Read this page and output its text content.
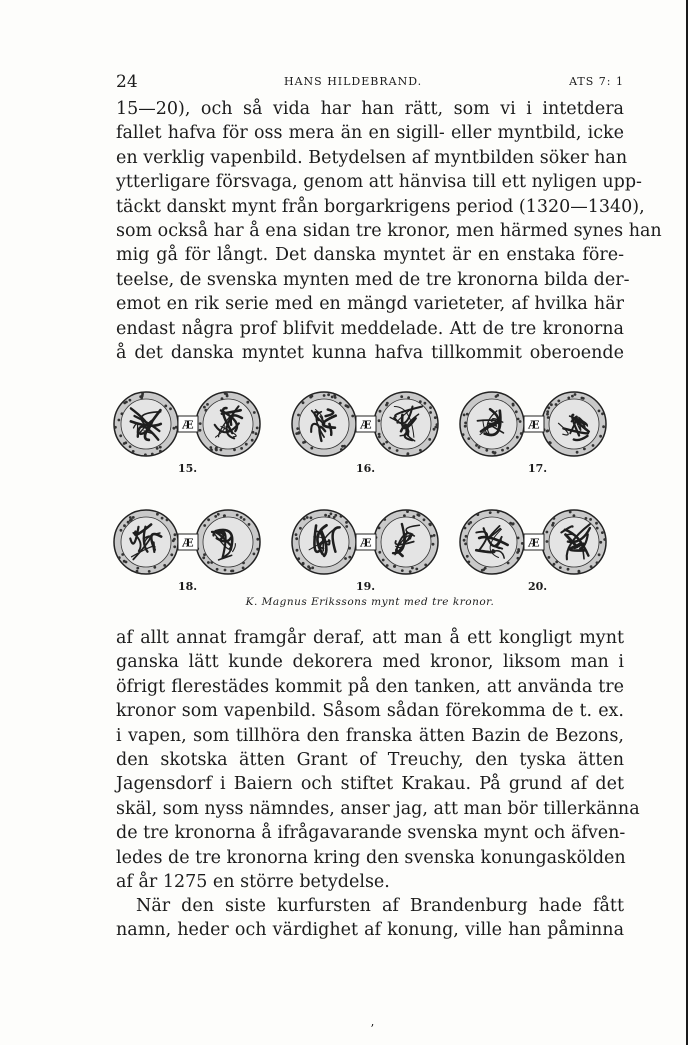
24	HANS HILDEBRAND.	ATS 7: 1
15—20), och så vida har han rätt, som vi i intetdera
fallet hafva för oss mera än en sigill- eller myntbild, icke
en verklig vapenbild. Betydelsen af myntbilden söker han
ytterligare försvaga, genom att hänvisa till ett nyligen upp-
täckt danskt mynt från borgarkrigens period (1320—1340),
som också har å ena sidan tre kronor, men härmed synes han
mig gå för långt. Det danska myntet är en enstaka före-
teelse, de svenska mynten med de tre kronorna bilda der-
emot en rik serie med en mängd varieteter, af hvilka här
endast några prof blifvit meddelade. Att de tre kronorna
å det danska myntet kunna hafva tillkommit oberoende
K. Magnus Erikssons mynt med tre kronor.
Æ
15.
Æ
16.
Æ
17.
Æ
18.
Æ
19.
Æ
20.
af allt annat framgår deraf, att man å ett kongligt mynt
ganska lätt kunde dekorera med kronor, liksom man i
öfrigt flerestädes kommit på den tanken, att använda tre
kronor som vapenbild. Såsom sådan förekomma de t. ex.
i vapen, som tillhöra den franska ätten Bazin de Bezons,
den skotska ätten Grant of Treuchy, den tyska ätten
Jagensdorf i Baiern och stiftet Krakau. På grund af det
skäl, som nyss nämndes, anser jag, att man bör tillerkänna
de tre kronorna å ifrågavarande svenska mynt och äfven-
ledes de tre kronorna kring den svenska konungaskölden
af år 1275 en större betydelse.
När den siste kurfursten af Brandenburg hade fått
namn, heder och värdighet af konung, ville han påminna
ʼ
